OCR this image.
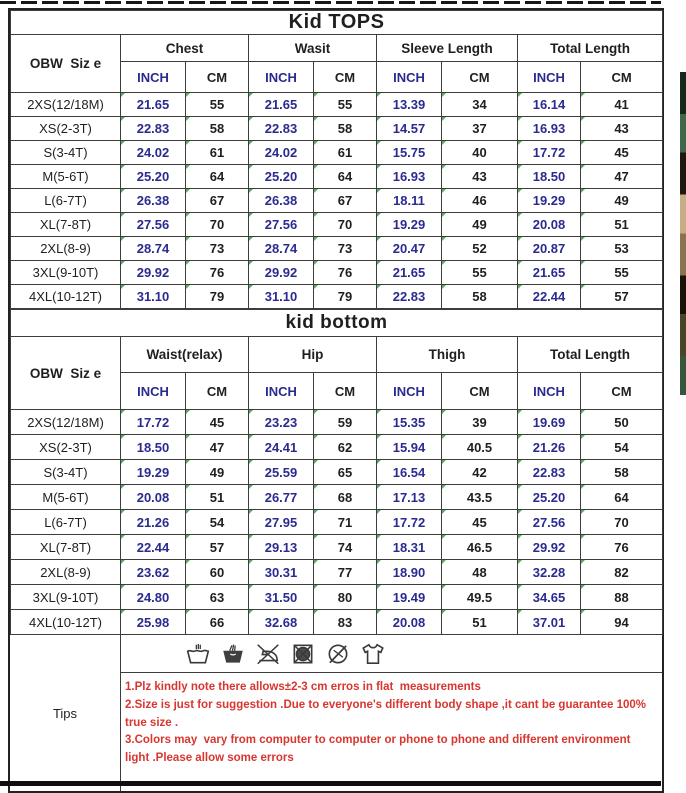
Kid TOPS								
OBW  Siz e	Chest		Wasit		Sleeve Length		Total Length	
	INCH	CM	INCH	CM	INCH	CM	INCH	CM
2XS(12/18M)	21.65	55	21.65	55	13.39	34	16.14	41
XS(2-3T)	22.83	58	22.83	58	14.57	37	16.93	43
S(3-4T)	24.02	61	24.02	61	15.75	40	17.72	45
M(5-6T)	25.20	64	25.20	64	16.93	43	18.50	47
L(6-7T)	26.38	67	26.38	67	18.11	46	19.29	49
XL(7-8T)	27.56	70	27.56	70	19.29	49	20.08	51
2XL(8-9)	28.74	73	28.74	73	20.47	52	20.87	53
3XL(9-10T)	29.92	76	29.92	76	21.65	55	21.65	55
4XL(10-12T)	31.10	79	31.10	79	22.83	58	22.44	57
kid bottom								
OBW  Siz e	Waist(relax)		Hip		Thigh		Total Length	
	INCH	CM	INCH	CM	INCH	CM	INCH	CM
2XS(12/18M)	17.72	45	23.23	59	15.35	39	19.69	50
XS(2-3T)	18.50	47	24.41	62	15.94	40.5	21.26	54
S(3-4T)	19.29	49	25.59	65	16.54	42	22.83	58
M(5-6T)	20.08	51	26.77	68	17.13	43.5	25.20	64
L(6-7T)	21.26	54	27.95	71	17.72	45	27.56	70
XL(7-8T)	22.44	57	29.13	74	18.31	46.5	29.92	76
2XL(8-9)	23.62	60	30.31	77	18.90	48	32.28	82
3XL(9-10T)	24.80	63	31.50	80	19.49	49.5	34.65	88
4XL(10-12T)	25.98	66	32.68	83	20.08	51	37.01	94
Tips
1.Plz kindly note there allows±2-3 cm erros in flat  measurements
2.Size is just for suggestion .Due to everyone's different body shape ,it cant be guarantee 100% true size .
3.Colors may  vary from computer to computer or phone to phone and different environment light .Please allow some errors
